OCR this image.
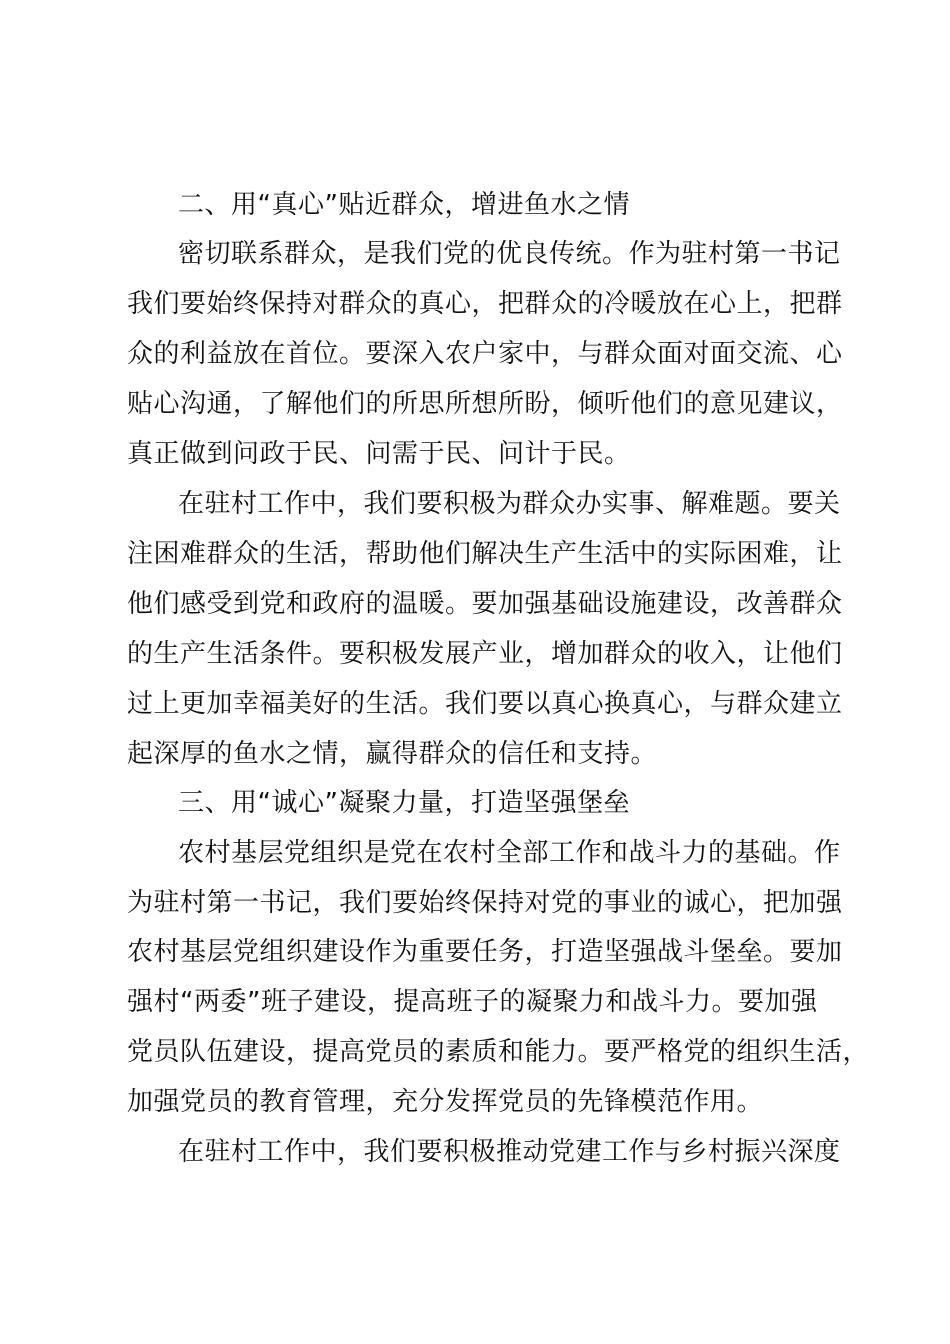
二、用“真心”贴近群众，增进鱼水之情
密切联系群众，是我们党的优良传统。作为驻村第一书记
我们要始终保持对群众的真心，把群众的冷暖放在心上，把群
众的利益放在首位。要深入农户家中，与群众面对面交流、心
贴心沟通，了解他们的所思所想所盼，倾听他们的意见建议，
真正做到问政于民、问需于民、问计于民。
在驻村工作中，我们要积极为群众办实事、解难题。要关
注困难群众的生活，帮助他们解决生产生活中的实际困难，让
他们感受到党和政府的温暖。要加强基础设施建设，改善群众
的生产生活条件。要积极发展产业，增加群众的收入，让他们
过上更加幸福美好的生活。我们要以真心换真心，与群众建立
起深厚的鱼水之情，赢得群众的信任和支持。
三、用“诚心”凝聚力量，打造坚强堡垒
农村基层党组织是党在农村全部工作和战斗力的基础。作
为驻村第一书记，我们要始终保持对党的事业的诚心，把加强
农村基层党组织建设作为重要任务，打造坚强战斗堡垒。要加
强村“两委”班子建设，提高班子的凝聚力和战斗力。要加强
党员队伍建设，提高党员的素质和能力。要严格党的组织生活，
加强党员的教育管理，充分发挥党员的先锋模范作用。
在驻村工作中，我们要积极推动党建工作与乡村振兴深度
